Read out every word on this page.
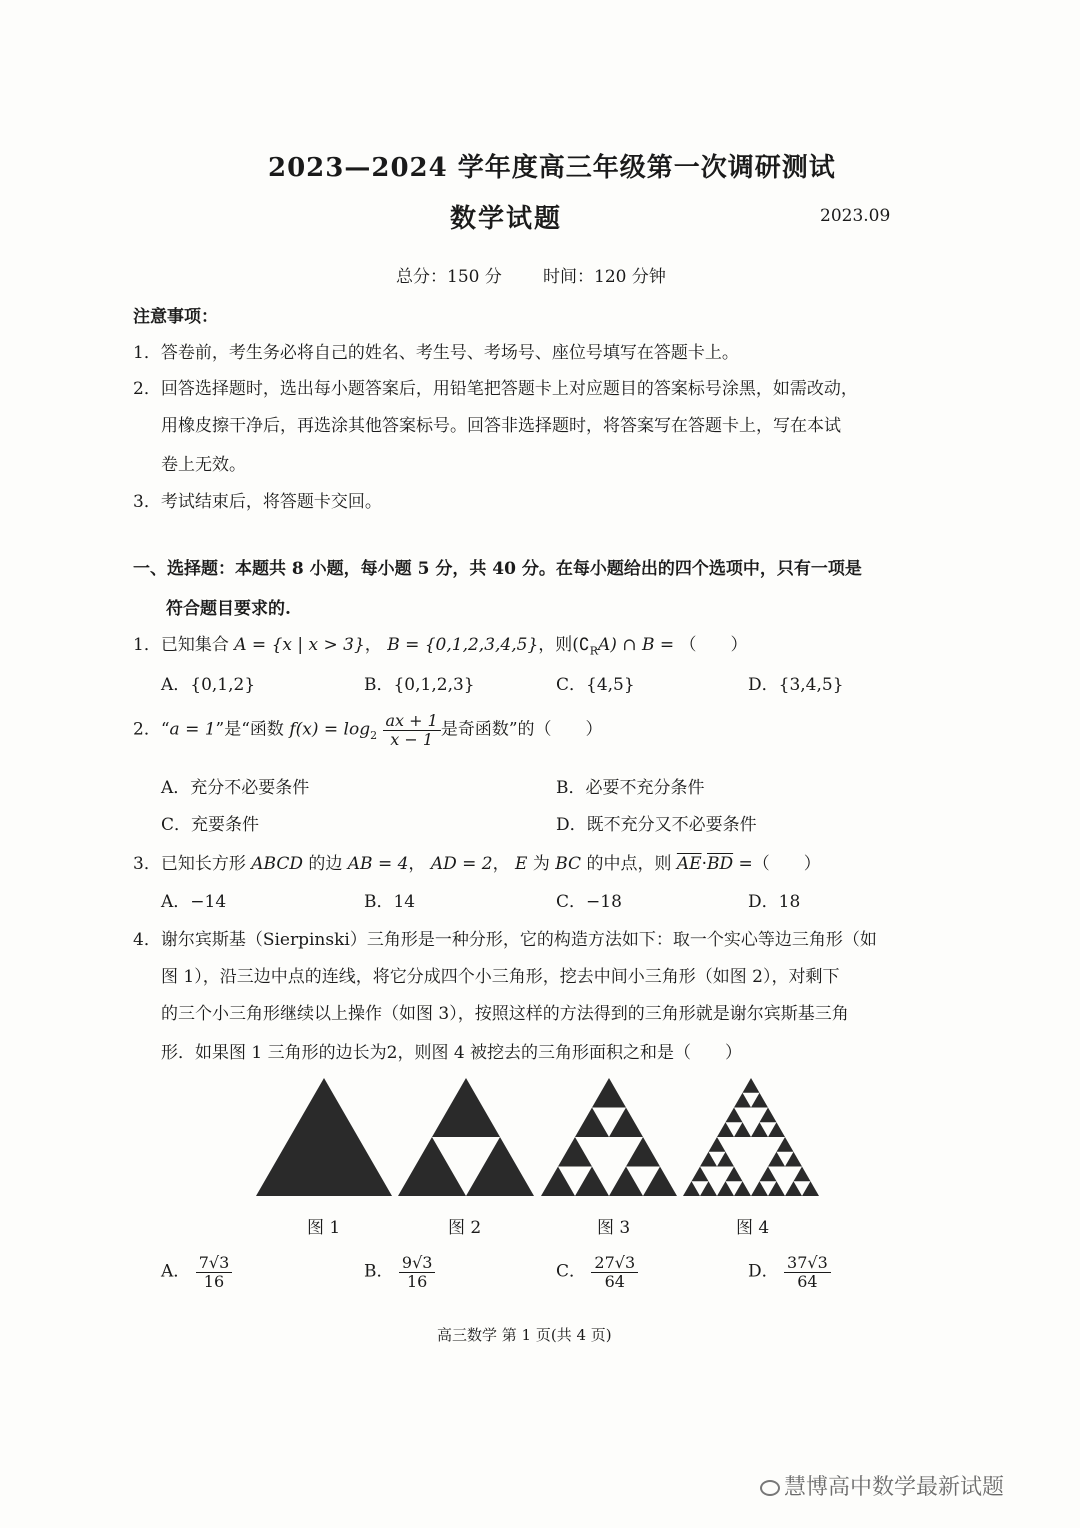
2023—2024 学年度高三年级第一次调研测试
数学试题	2023.09
总分：150 分 时间：120 分钟
注意事项：
1．答卷前，考生务必将自己的姓名、考生号、考场号、座位号填写在答题卡上。
2．回答选择题时，选出每小题答案后，用铅笔把答题卡上对应题目的答案标号涂黑，如需改动，
用橡皮擦干净后，再选涂其他答案标号。回答非选择题时，将答案写在答题卡上，写在本试
卷上无效。
3．考试结束后，将答题卡交回。
一、选择题：本题共 8 小题，每小题 5 分，共 40 分。在每小题给出的四个选项中，只有一项是
符合题目要求的.
1．已知集合 A = {x | x > 3}， B = {0,1,2,3,4,5}，则$(∁_RA)$ ∩ B = （　　）
A．{0,1,2}	B．{0,1,2,3}	C．{4,5}	D．{3,4,5}
2．“a = 1”是“函数 $f(x) = \log_2 \frac{ax + 1}{x - 1}$ 是奇函数”的（　　）
A．充分不必要条件	B．必要不充分条件
C．充要条件	D．既不充分又不必要条件
3．已知长方形 ABCD 的边 AB = 4， AD = 2， E 为 BC 的中点，则 $\overline{AE}\cdot\overline{BD}$ =（　　）
A．−14	B．14	C．−18	D．18
4．谢尔宾斯基（Sierpinski）三角形是一种分形，它的构造方法如下：取一个实心等边三角形（如
图 1），沿三边中点的连线，将它分成四个小三角形，挖去中间小三角形（如图 2），对剩下
的三个小三角形继续以上操作（如图 3），按照这样的方法得到的三角形就是谢尔宾斯基三角
形．如果图 1 三角形的边长为2，则图 4 被挖去的三角形面积之和是（　　）
图 1	图 2	图 3	图 4
A． $\frac{7√3}{16}$	B． $\frac{9√3}{16}$	C． $\frac{27√3}{64}$	D． $\frac{37√3}{64}$
高三数学 第 1 页(共 4 页)
慧博高中数学最新试题
